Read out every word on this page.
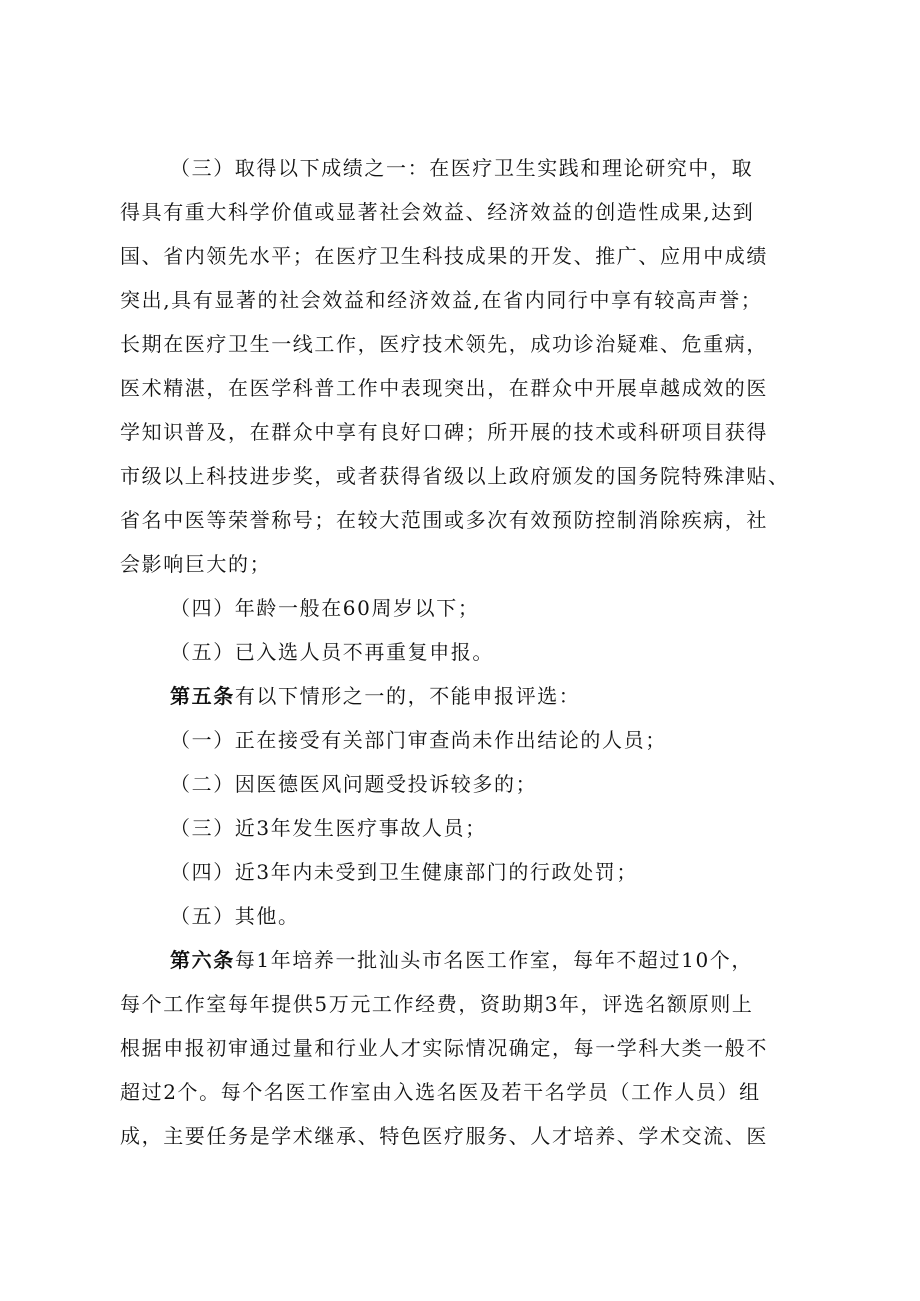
（三）取得以下成绩之一：在医疗卫生实践和理论研究中，取
得具有重大科学价值或显著社会效益、经济效益的创造性成果,达到
国、省内领先水平；在医疗卫生科技成果的开发、推广、应用中成绩
突出,具有显著的社会效益和经济效益,在省内同行中享有较高声誉；
长期在医疗卫生一线工作，医疗技术领先，成功诊治疑难、危重病，
医术精湛，在医学科普工作中表现突出，在群众中开展卓越成效的医
学知识普及，在群众中享有良好口碑；所开展的技术或科研项目获得
市级以上科技进步奖，或者获得省级以上政府颁发的国务院特殊津贴、
省名中医等荣誉称号；在较大范围或多次有效预防控制消除疾病，社
会影响巨大的；
（四）年龄一般在60周岁以下；
（五）已入选人员不再重复申报。
第五条有以下情形之一的，不能申报评选：
（一）正在接受有关部门审查尚未作出结论的人员；
（二）因医德医风问题受投诉较多的；
（三）近3年发生医疗事故人员；
（四）近3年内未受到卫生健康部门的行政处罚；
（五）其他。
第六条每1年培养一批汕头市名医工作室，每年不超过10个，
每个工作室每年提供5万元工作经费，资助期3年，评选名额原则上
根据申报初审通过量和行业人才实际情况确定，每一学科大类一般不
超过2个。每个名医工作室由入选名医及若干名学员（工作人员）组
成，主要任务是学术继承、特色医疗服务、人才培养、学术交流、医
